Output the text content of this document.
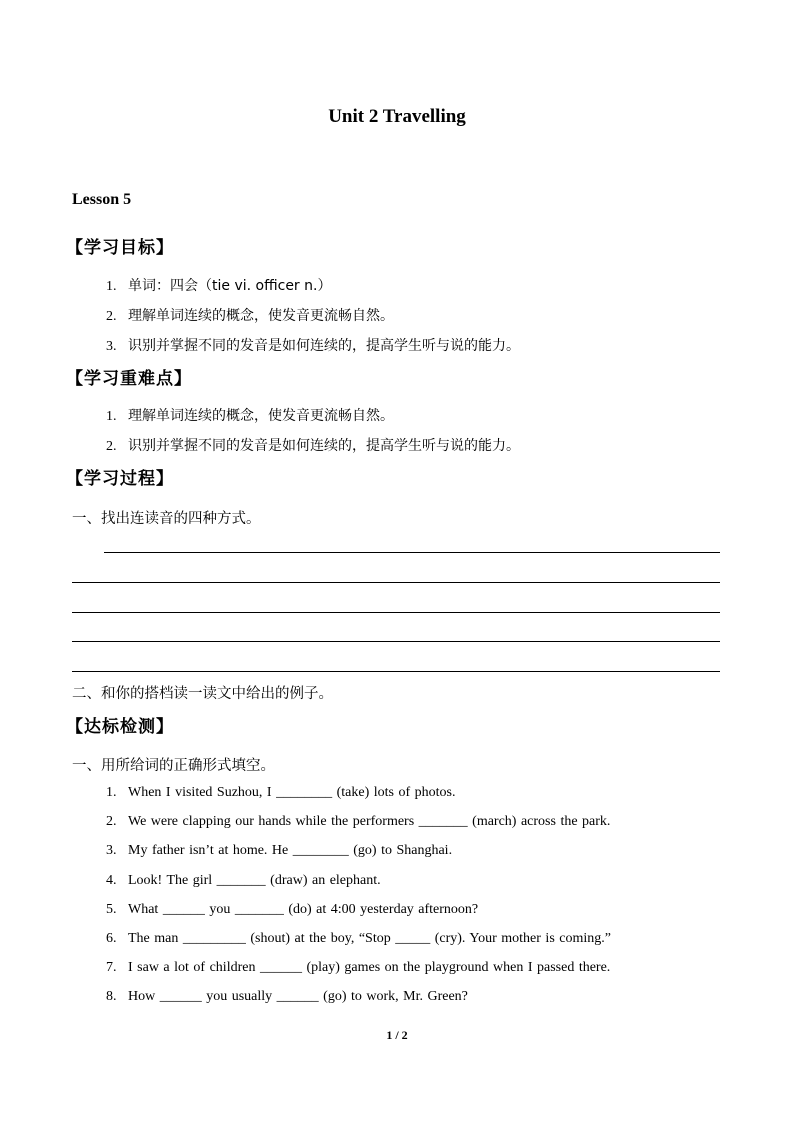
Unit 2 Travelling
Lesson 5
【学习目标】
1. 单词：四会（tie vi. officer n.）
2. 理解单词连续的概念，使发音更流畅自然。
3. 识别并掌握不同的发音是如何连续的，提高学生听与说的能力。
【学习重难点】
1. 理解单词连续的概念，使发音更流畅自然。
2. 识别并掌握不同的发音是如何连续的，提高学生听与说的能力。
【学习过程】
一、找出连读音的四种方式。
二、和你的搭档读一读文中给出的例子。
【达标检测】
一、用所给词的正确形式填空。
1. When I visited Suzhou, I ________ (take) lots of photos.
2. We were clapping our hands while the performers _______ (march) across the park.
3. My father isn’t at home. He ________ (go) to Shanghai.
4. Look! The girl _______ (draw) an elephant.
5. What ______ you _______ (do) at 4:00 yesterday afternoon?
6. The man _________ (shout) at the boy, “Stop _____ (cry). Your mother is coming.”
7. I saw a lot of children ______ (play) games on the playground when I passed there.
8. How ______ you usually ______ (go) to work, Mr. Green?
1 / 2
